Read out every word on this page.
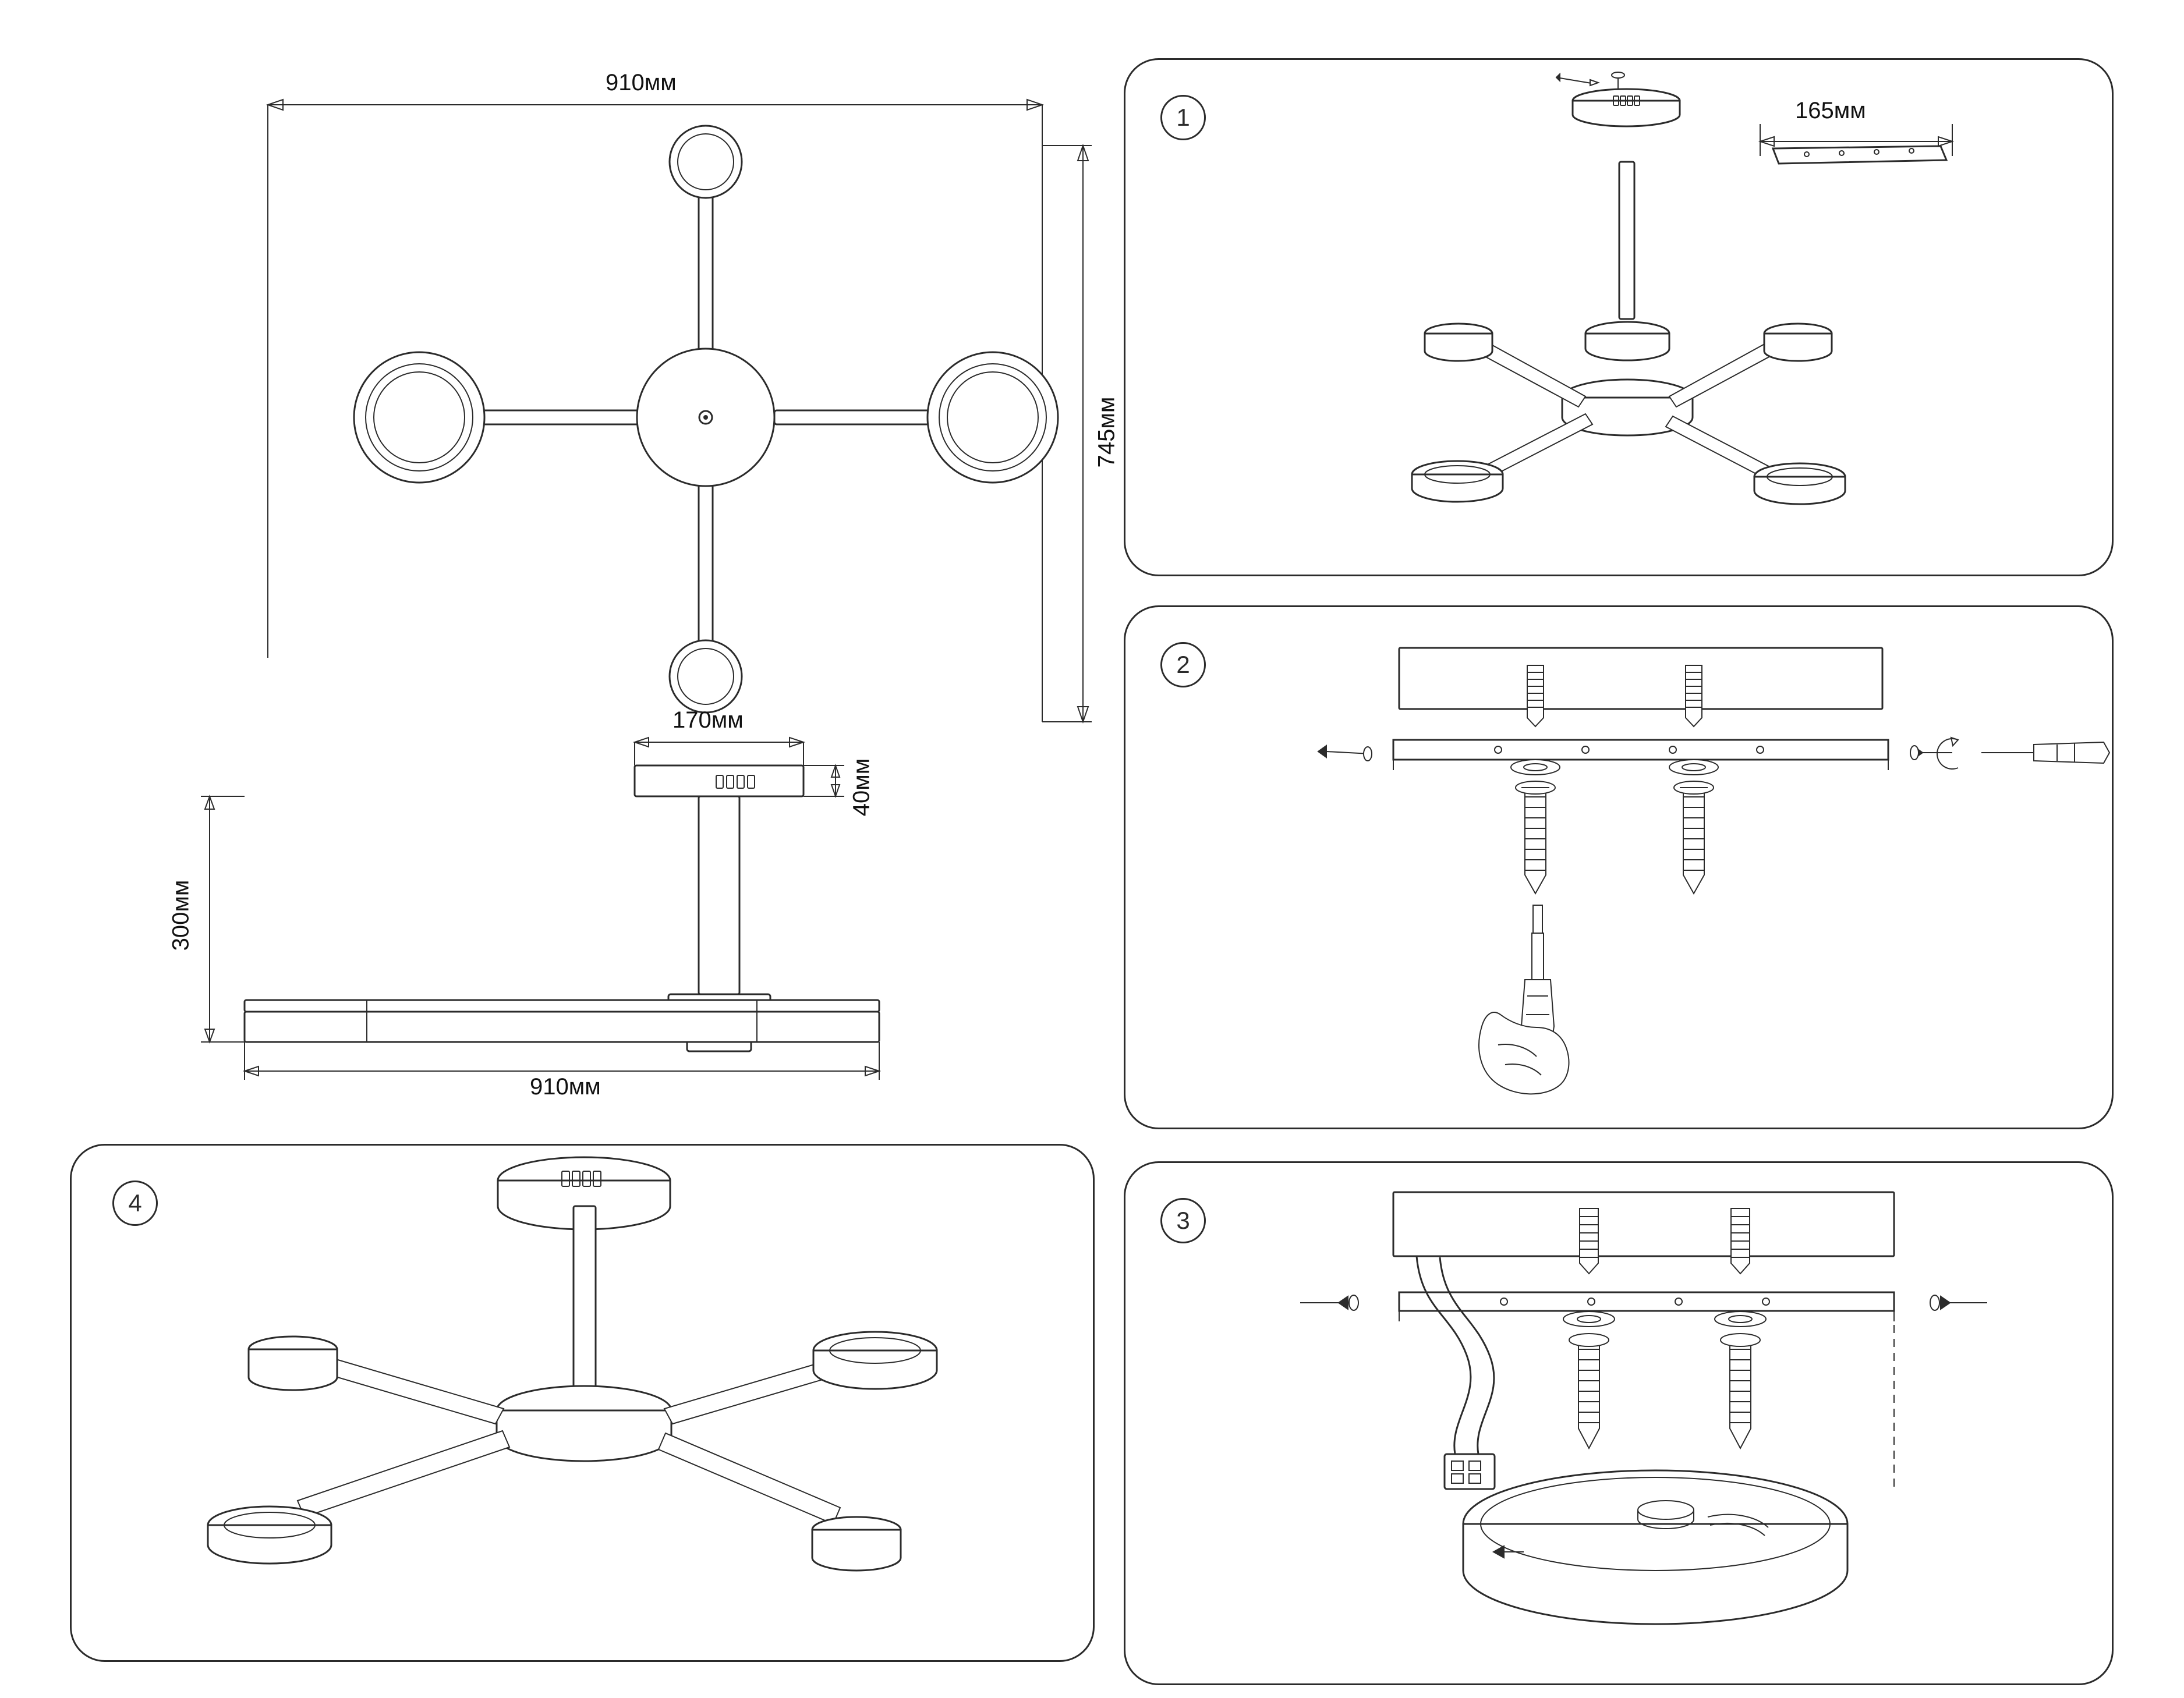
910мм
745мм
170мм
40мм
300мм
910мм
1	165мм
2
4
3
